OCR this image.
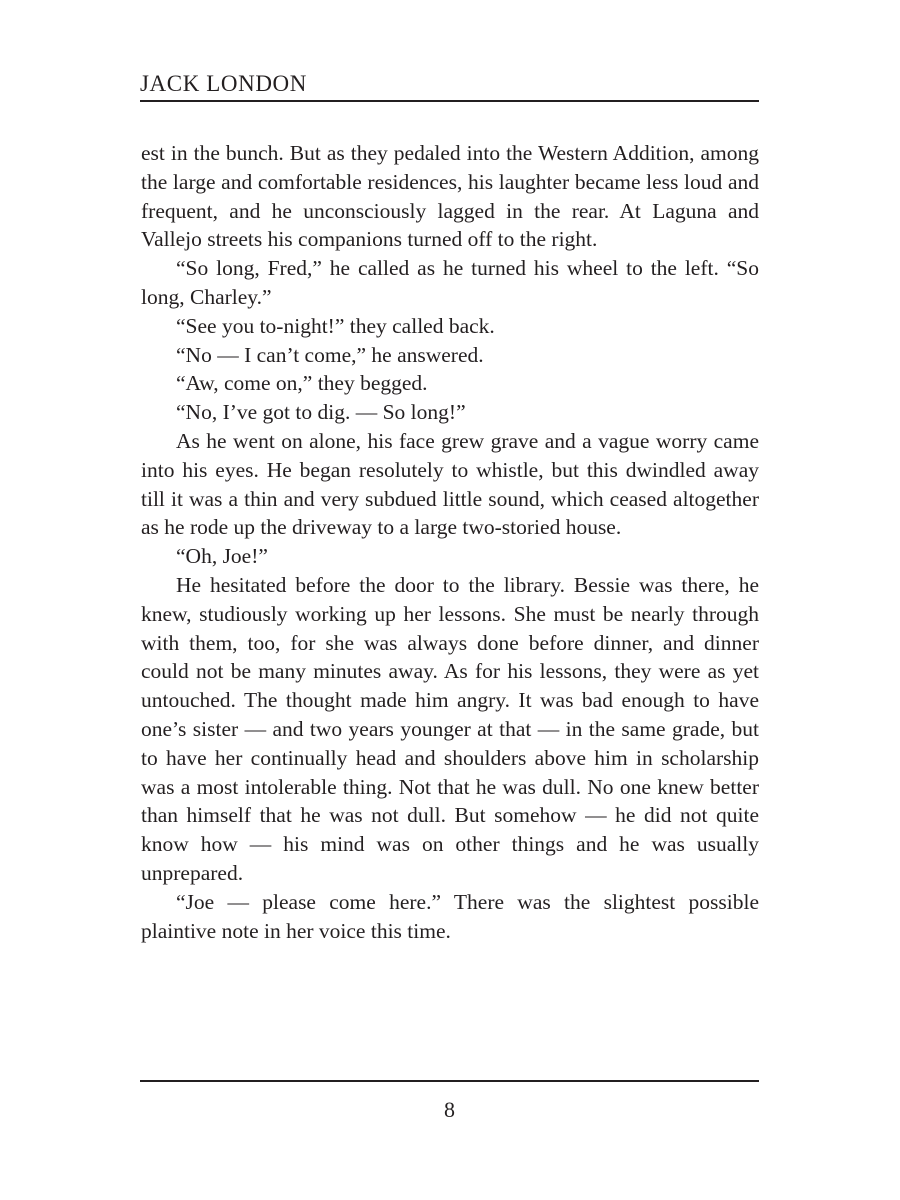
JACK LONDON

est in the bunch. But as they pedaled into the Western Addition, among the large and comfortable residences, his laughter became less loud and frequent, and he unconsciously lagged in the rear. At Laguna and Vallejo streets his companions turned off to the right.

“So long, Fred,” he called as he turned his wheel to the left. “So long, Charley.”

“See you to-night!” they called back.

“No — I can’t come,” he answered.

“Aw, come on,” they begged.

“No, I’ve got to dig. — So long!”

As he went on alone, his face grew grave and a vague worry came into his eyes. He began resolutely to whistle, but this dwindled away till it was a thin and very subdued little sound, which ceased altogether as he rode up the driveway to a large two-storied house.

“Oh, Joe!”

He hesitated before the door to the library. Bessie was there, he knew, studiously working up her lessons. She must be nearly through with them, too, for she was always done before dinner, and dinner could not be many minutes away. As for his lessons, they were as yet untouched. The thought made him angry. It was bad enough to have one’s sister — and two years younger at that — in the same grade, but to have her continually head and shoulders above him in scholarship was a most intolerable thing. Not that he was dull. No one knew better than himself that he was not dull. But somehow — he did not quite know how — his mind was on other things and he was usually unprepared.

“Joe — please come here.” There was the slightest possible plaintive note in her voice this time.

8
